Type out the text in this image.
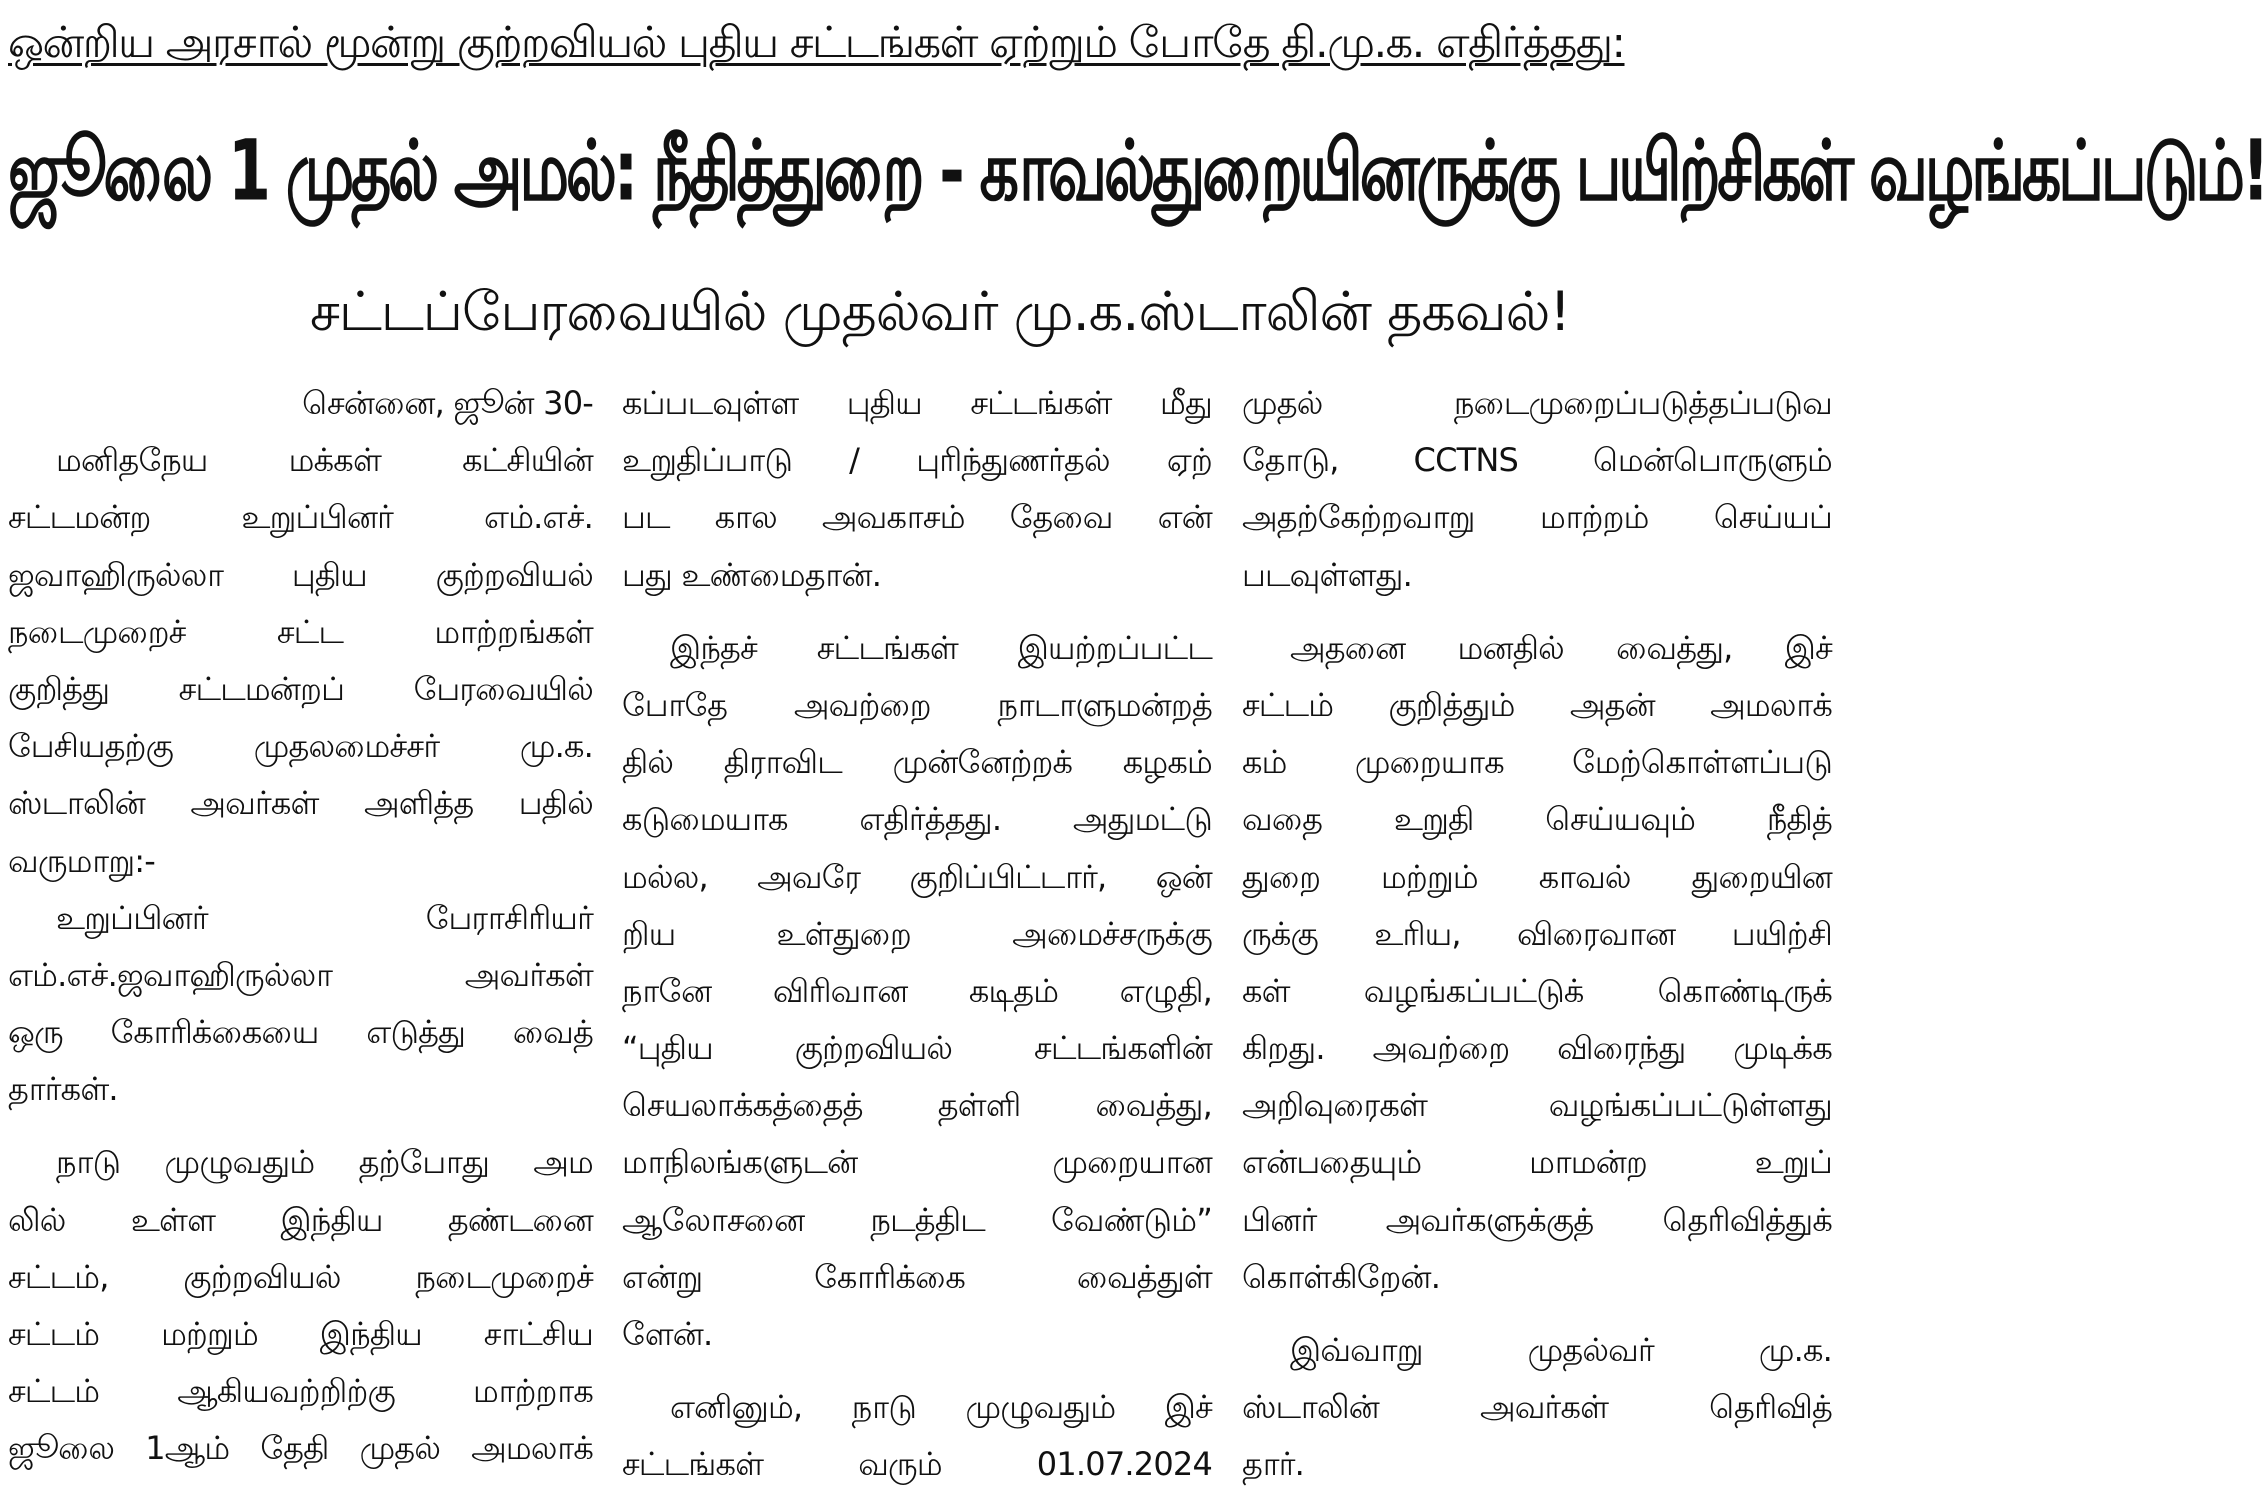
ஒன்றிய அரசால் மூன்று குற்றவியல் புதிய சட்டங்கள் ஏற்றும் போதே தி.மு.க. எதிர்த்தது:
ஜூலை 1 முதல் அமல்: நீதித்துறை - காவல்துறையினருக்கு பயிற்சிகள் வழங்கப்படும்!
சட்டப்பேரவையில் முதல்வர் மு.க.ஸ்டாலின் தகவல்!
சென்னை, ஜூன் 30-
மனிதநேய மக்கள் கட்சியின்
சட்டமன்ற உறுப்பினர் எம்.எச்.
ஜவாஹிருல்லா புதிய குற்றவியல்
நடைமுறைச் சட்ட மாற்றங்கள்
குறித்து சட்டமன்றப் பேரவையில்
பேசியதற்கு முதலமைச்சர் மு.க.
ஸ்டாலின் அவர்கள் அளித்த பதில்
வருமாறு:-
உறுப்பினர் பேராசிரியர்
எம்.எச்.ஜவாஹிருல்லா அவர்கள்
ஒரு கோரிக்கையை எடுத்து வைத்
தார்கள்.
நாடு முழுவதும் தற்போது அம
லில் உள்ள இந்திய தண்டனை
சட்டம், குற்றவியல் நடைமுறைச்
சட்டம் மற்றும் இந்திய சாட்சிய
சட்டம் ஆகியவற்றிற்கு மாற்றாக
ஜூலை 1ஆம் தேதி முதல் அமலாக்
கப்படவுள்ள புதிய சட்டங்கள் மீது
உறுதிப்பாடு / புரிந்துணர்தல் ஏற்
பட கால அவகாசம் தேவை என்
பது உண்மைதான்.
இந்தச் சட்டங்கள் இயற்றப்பட்ட
போதே அவற்றை நாடாளுமன்றத்
தில் திராவிட முன்னேற்றக் கழகம்
கடுமையாக எதிர்த்தது. அதுமட்டு
மல்ல, அவரே குறிப்பிட்டார், ஒன்
றிய உள்துறை அமைச்சருக்கு
நானே விரிவான கடிதம் எழுதி,
“புதிய குற்றவியல் சட்டங்களின்
செயலாக்கத்தைத் தள்ளி வைத்து,
மாநிலங்களுடன் முறையான
ஆலோசனை நடத்திட வேண்டும்”
என்று கோரிக்கை வைத்துள்
ளேன்.
எனினும், நாடு முழுவதும் இச்
சட்டங்கள் வரும் 01.07.2024
முதல் நடைமுறைப்படுத்தப்படுவ
தோடு, CCTNS மென்பொருளும்
அதற்கேற்றவாறு மாற்றம் செய்யப்
படவுள்ளது.
அதனை மனதில் வைத்து, இச்
சட்டம் குறித்தும் அதன் அமலாக்
கம் முறையாக மேற்கொள்ளப்படு
வதை உறுதி செய்யவும் நீதித்
துறை மற்றும் காவல் துறையின
ருக்கு உரிய, விரைவான பயிற்சி
கள் வழங்கப்பட்டுக் கொண்டிருக்
கிறது. அவற்றை விரைந்து முடிக்க
அறிவுரைகள் வழங்கப்பட்டுள்ளது
என்பதையும் மாமன்ற உறுப்
பினர் அவர்களுக்குத் தெரிவித்துக்
கொள்கிறேன்.
இவ்வாறு முதல்வர் மு.க.
ஸ்டாலின் அவர்கள் தெரிவித்
தார்.
